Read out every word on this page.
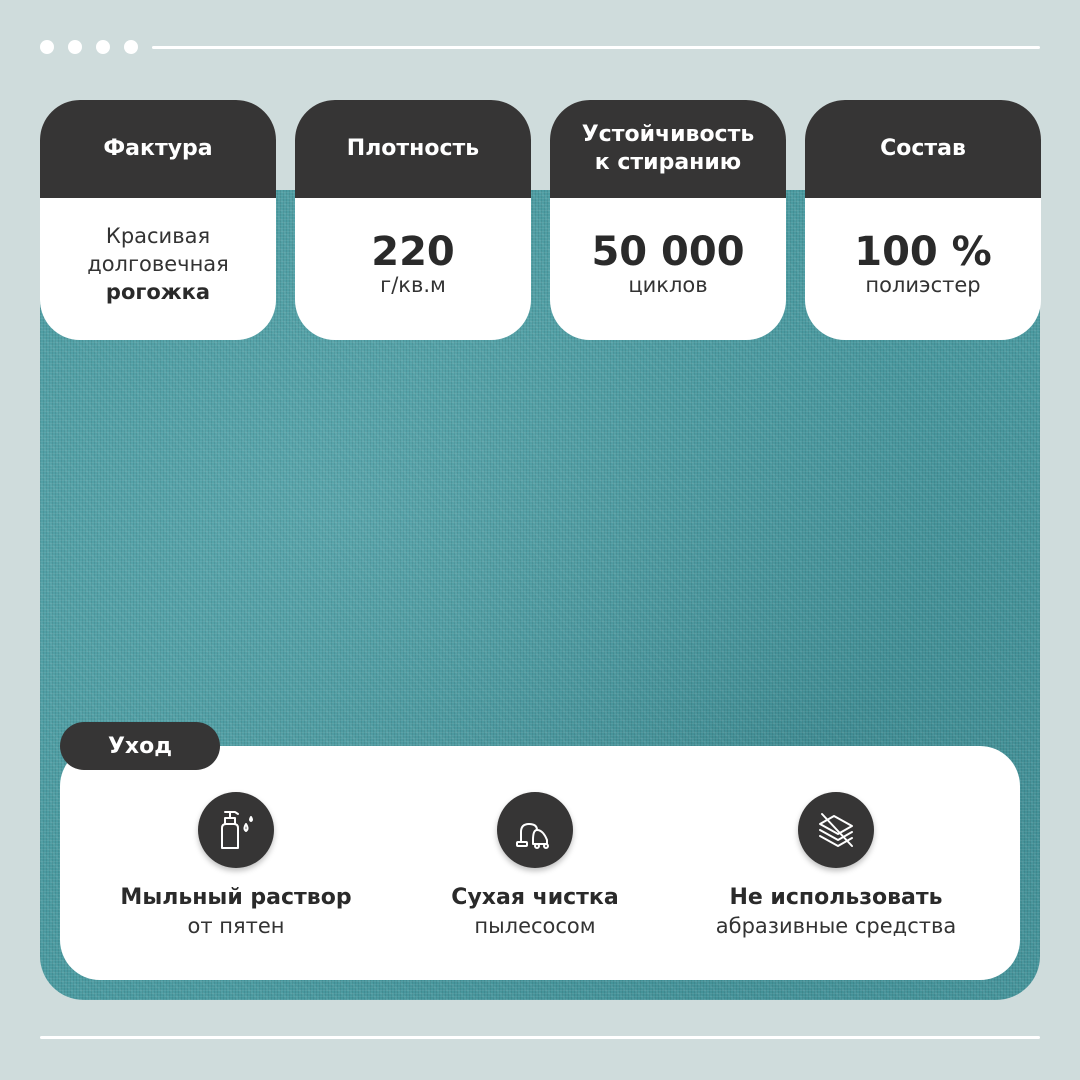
Фактура
Красивая
долговечная
рогожка
Плотность
220
г/кв.м
Устойчивость
к стиранию
50 000
циклов
Состав
100 %
полиэстер
Уход
Мыльный раствор
от пятен
Сухая чистка
пылесосом
Не использовать
абразивные средства
